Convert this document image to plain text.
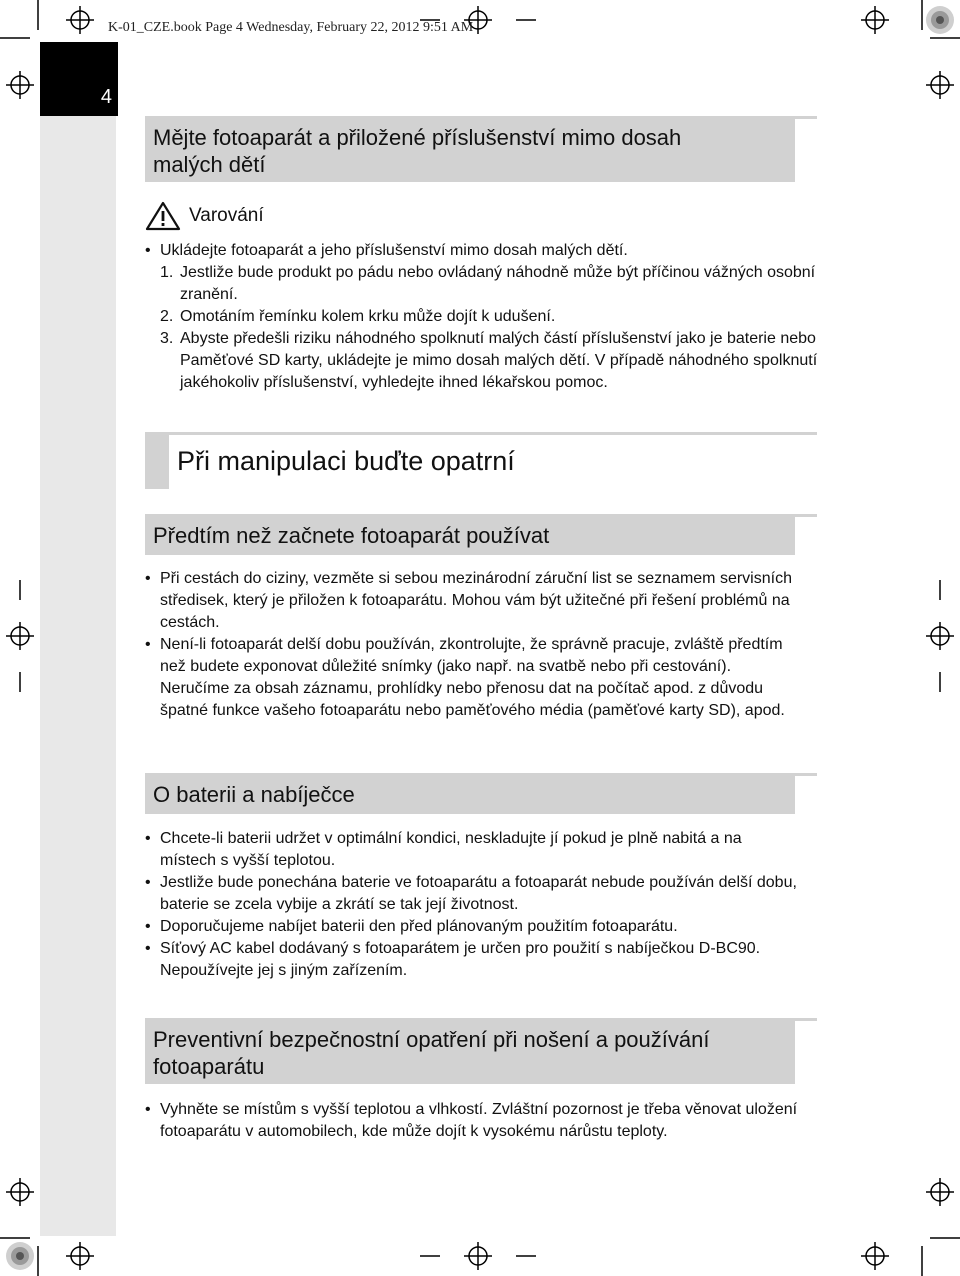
K-01_CZE.book Page 4 Wednesday, February 22, 2012 9:51 AM
4
Mějte fotoaparát a přiložené příslušenství mimo dosah malých dětí
Varování
• Ukládejte fotoaparát a jeho příslušenství mimo dosah malých dětí.
1. Jestliže bude produkt po pádu nebo ovládaný náhodně může být příčinou vážných osobní zranění.
2. Omotáním řemínku kolem krku může dojít k udušení.
3. Abyste předešli riziku náhodného spolknutí malých částí příslušenství jako je baterie nebo Paměťové SD karty, ukládejte je mimo dosah malých dětí. V případě náhodného spolknutí jakéhokoliv příslušenství, vyhledejte ihned lékařskou pomoc.
Při manipulaci buďte opatrní
Předtím než začnete fotoaparát používat
• Při cestách do ciziny, vezměte si sebou mezinárodní záruční list se seznamem servisních středisek, který je přiložen k fotoaparátu. Mohou vám být užitečné při řešení problémů na cestách.
• Není-li fotoaparát delší dobu používán, zkontrolujte, že správně pracuje, zvláště předtím než budete exponovat důležité snímky (jako např. na svatbě nebo při cestování). Neručíme za obsah záznamu, prohlídky nebo přenosu dat na počítač apod. z důvodu špatné funkce vašeho fotoaparátu nebo paměťového média (paměťové karty SD), apod.
O baterii a nabíječce
• Chcete-li baterii udržet v optimální kondici, neskladujte jí pokud je plně nabitá a na místech s vyšší teplotou.
• Jestliže bude ponechána baterie ve fotoaparátu a fotoaparát nebude používán delší dobu, baterie se zcela vybije a zkrátí se tak její životnost.
• Doporučujeme nabíjet baterii den před plánovaným použitím fotoaparátu.
• Síťový AC kabel dodávaný s fotoaparátem je určen pro použití s nabíječkou D-BC90. Nepoužívejte jej s jiným zařízením.
Preventivní bezpečnostní opatření při nošení a používání fotoaparátu
• Vyhněte se místům s vyšší teplotou a vlhkostí. Zvláštní pozornost je třeba věnovat uložení fotoaparátu v automobilech, kde může dojít k vysokému nárůstu teploty.
